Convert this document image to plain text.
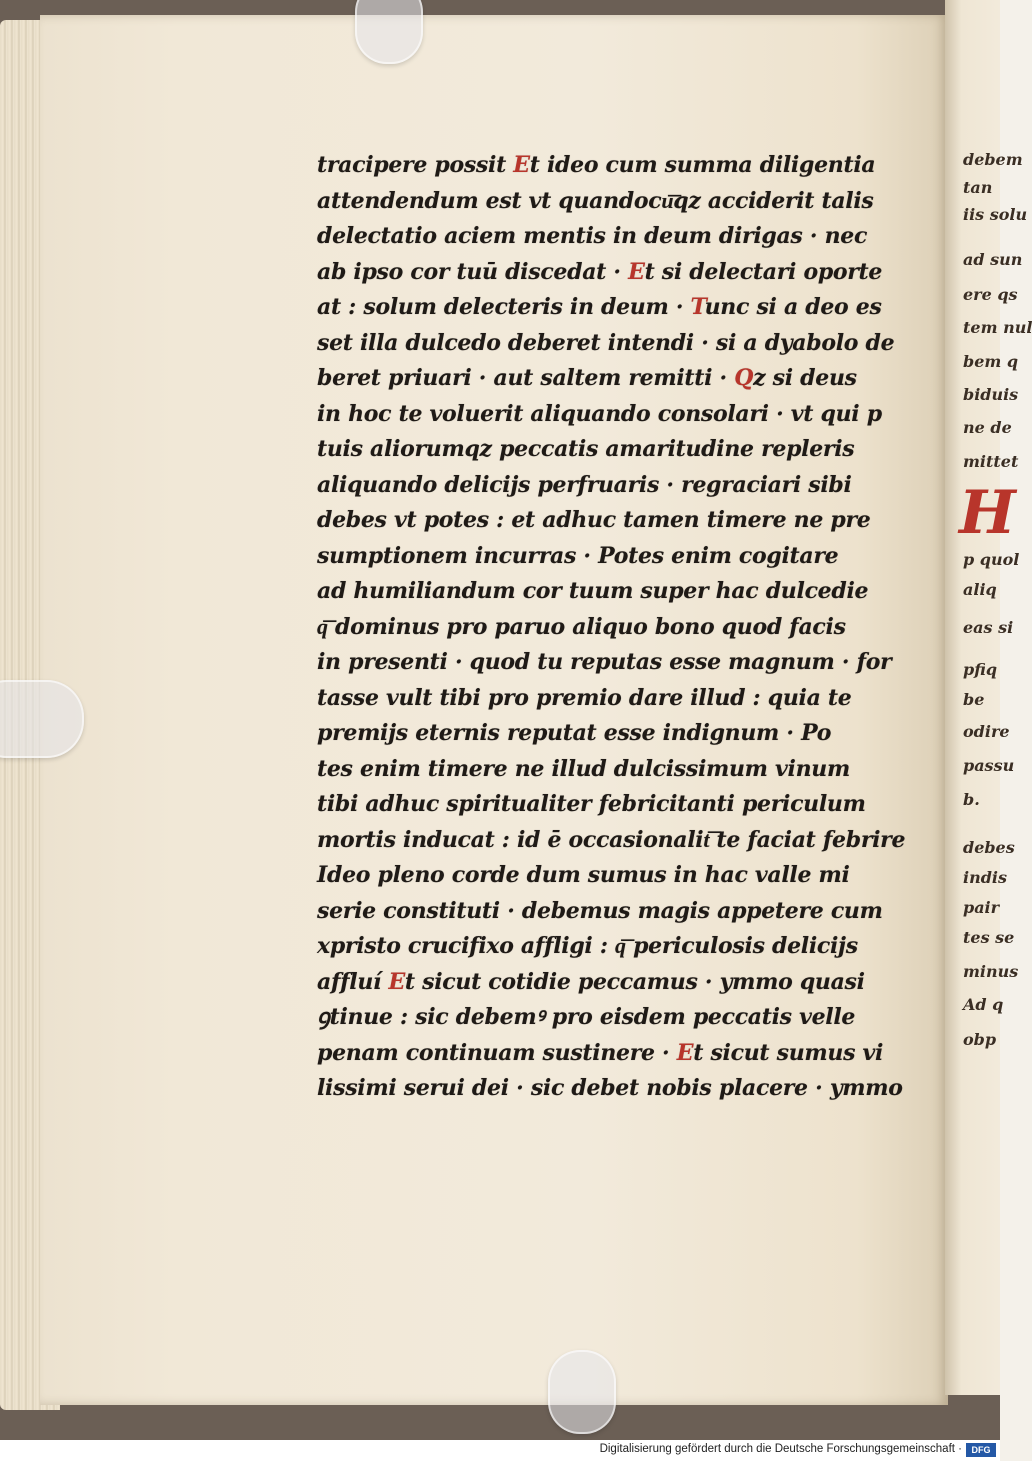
debem
tan
iis solu
ad sun
ere qs
tem nul
bem q
biduis
ne de
mittet
H
p quol
aliq
eas si
pfiq
be
odire
passu
b.
debes
indis
pair
tes se
minus
Ad q
obp
tracipere possit Et ideo cum summa diligentia
attendendum est vt quandocu͞qz acciderit talis
delectatio aciem mentis in deum dirigas · nec
ab ipso cor tuū discedat · Et si delectari oporte
at : solum delecteris in deum · Tunc si a deo es
set illa dulcedo deberet intendi · si a dyabolo de
beret priuari · aut saltem remitti · Qz si deus
in hoc te voluerit aliquando consolari · vt qui p
tuis aliorumqz peccatis amaritudine repleris
aliquando delicijs perfruaris · regraciari sibi
debes vt potes : et adhuc tamen timere ne pre
sumptionem incurras · Potes enim cogitare
ad humiliandum cor tuum super hac dulcedie
q͞ dominus pro paruo aliquo bono quod facis
in presenti · quod tu reputas esse magnum · for
tasse vult tibi pro premio dare illud : quia te
premijs eternis reputat esse indignum · Po
tes enim timere ne illud dulcissimum vinum
tibi adhuc spiritualiter febricitanti periculum
mortis inducat : id ē occasionalit͞ te faciat febrire
Ideo pleno corde dum sumus in hac valle mi
serie constituti · debemus magis appetere cum
xpristo crucifixo affligi : q͞ periculosis delicijs
affluí Et sicut cotidie peccamus · ymmo quasi
ꝯtinue : sic debemꝰ pro eisdem peccatis velle
penam continuam sustinere · Et sicut sumus vi
lissimi serui dei · sic debet nobis placere · ymmo
Digitalisierung gefördert durch die Deutsche Forschungsgemeinschaft ·	DFG
